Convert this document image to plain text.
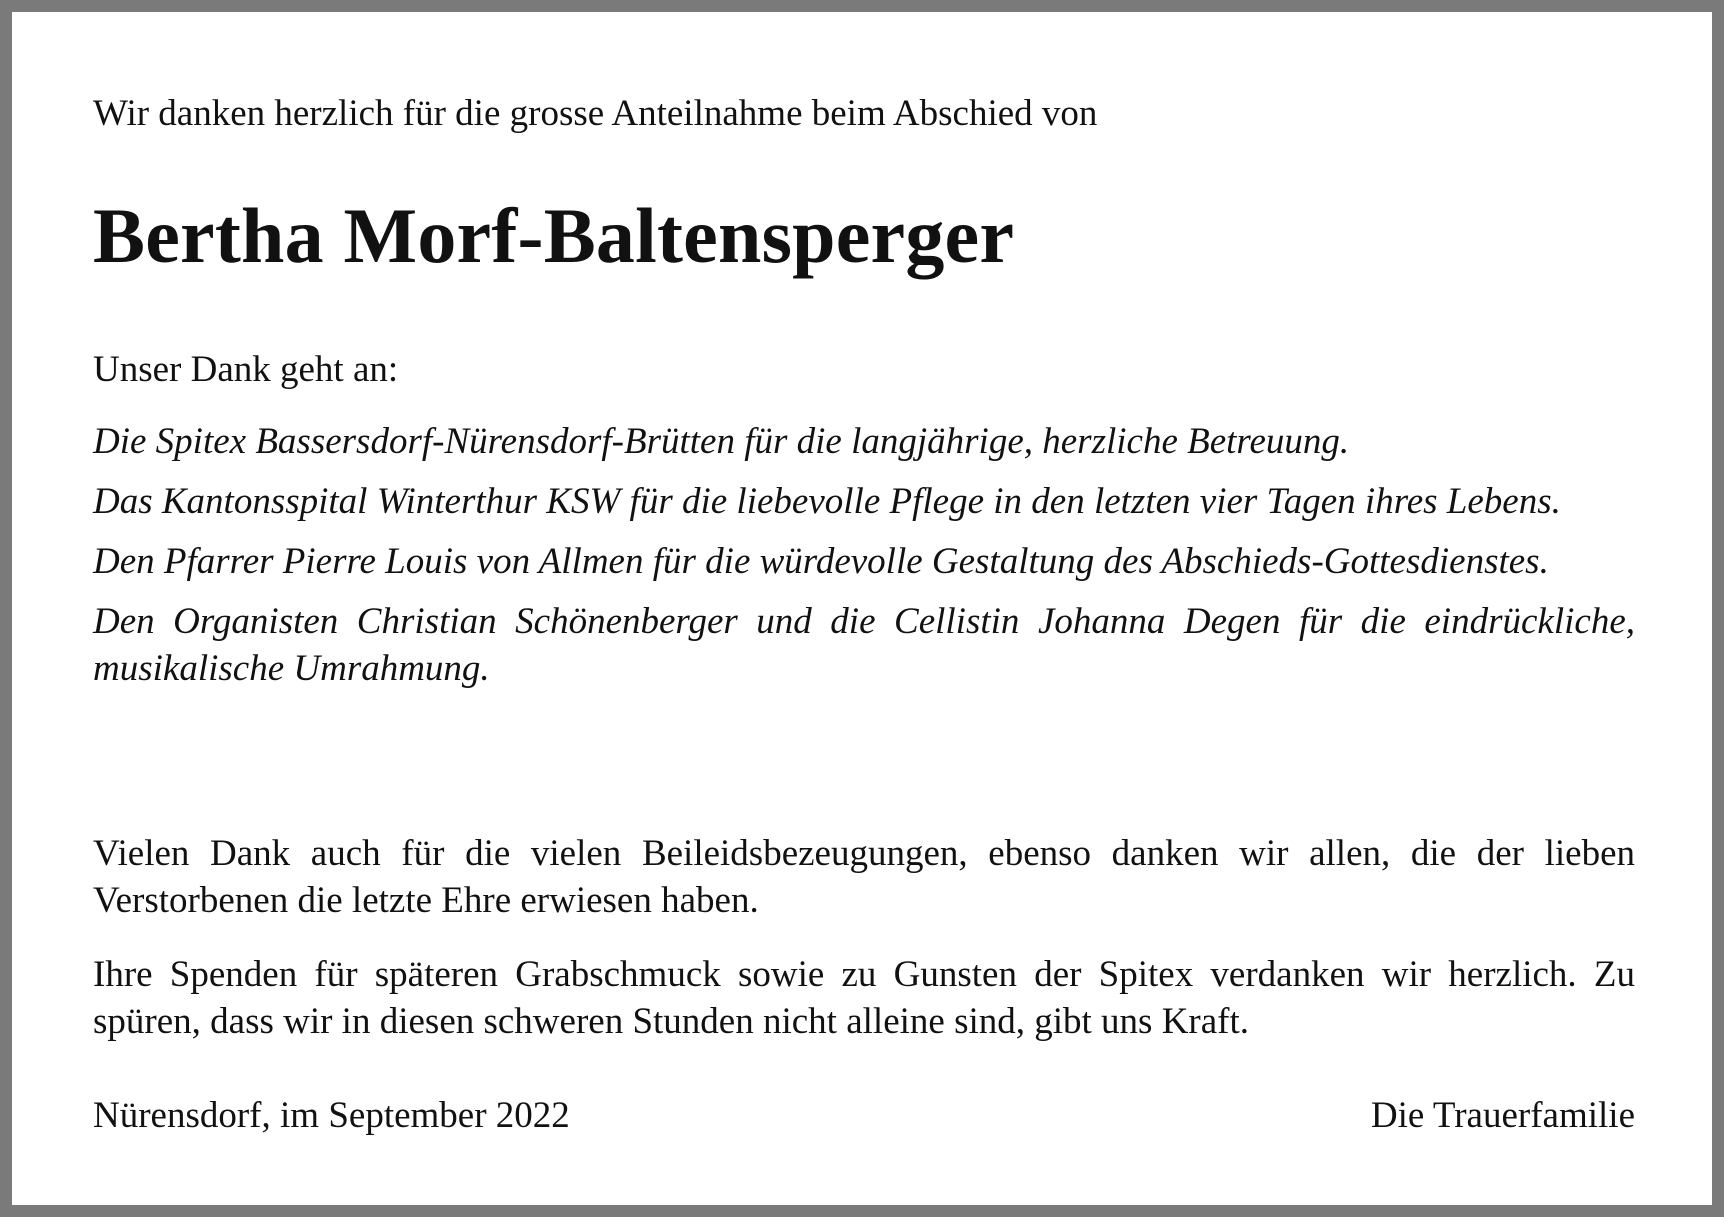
Wir danken herzlich für die grosse Anteilnahme beim Abschied von
Bertha Morf-Baltensperger
Unser Dank geht an:
Die Spitex Bassersdorf-Nürensdorf-Brütten für die langjährige, herzliche Betreuung.
Das Kantonsspital Winterthur KSW für die liebevolle Pflege in den letzten vier Tagen ihres Lebens.
Den Pfarrer Pierre Louis von Allmen für die würdevolle Gestaltung des Abschieds-Gottesdienstes.
Den Organisten Christian Schönenberger und die Cellistin Johanna Degen für die eindrückliche, musikalische Umrahmung.

Vielen Dank auch für die vielen Beileidsbezeugungen, ebenso danken wir allen, die der lieben Verstorbenen die letzte Ehre erwiesen haben.

Ihre Spenden für späteren Grabschmuck sowie zu Gunsten der Spitex verdanken wir herzlich. Zu spüren, dass wir in diesen schweren Stunden nicht alleine sind, gibt uns Kraft.

Nürensdorf, im September 2022	Die Trauerfamilie
